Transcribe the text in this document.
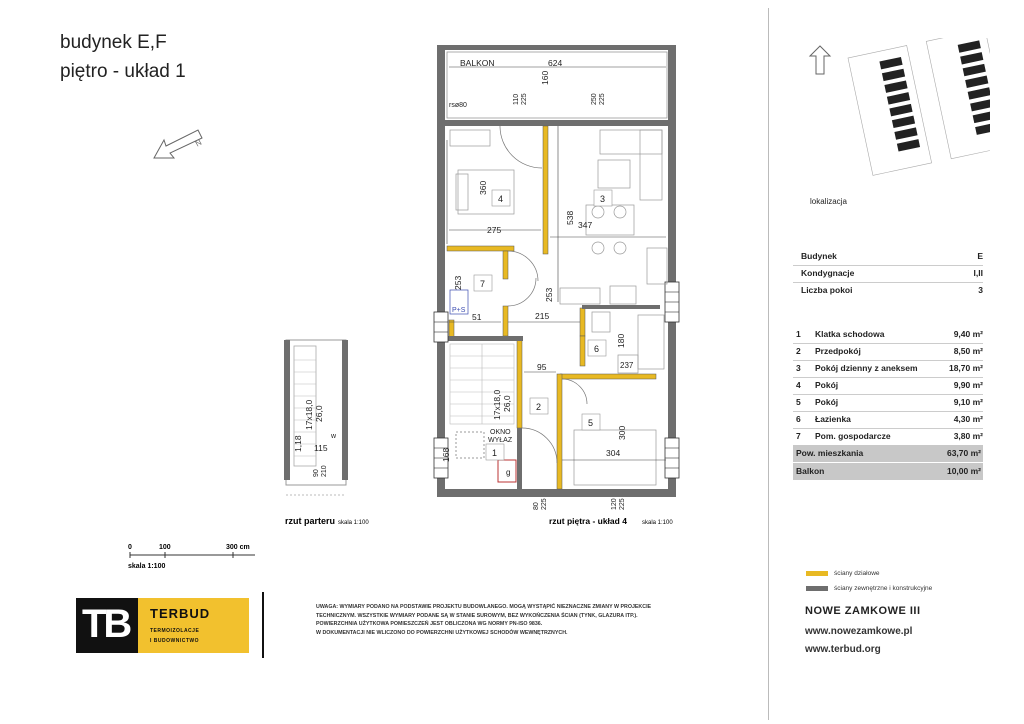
budynek E,F
piętro - układ 1
N
BALKON	624
rsø80
347
275
215
51
95
304
237
160
110 225	250 225
360
538
253
253
180
300
168
80 225	120 225
17x18,0 26,0
17x18,0 26,0
1,18
90 210
115
w
3
4
7
6
2
5
1
P+S
g
OKNO
WYŁAZ
rzut parteru skala 1:100	rzut piętra - układ 4	skala 1:100
0	100	300 cm
skala 1:100
lokalizacja
Budynek	E
Kondygnacje	I,II
Liczba pokoi	3
1 Klatka schodowa	9,40 m²
2 Przedpokój	8,50 m²
3 Pokój dzienny z aneksem	18,70 m²
4 Pokój	9,90 m²
5 Pokój	9,10 m²
6 Łazienka	4,30 m²
7 Pom. gospodarcze	3,80 m²
Pow. mieszkania	63,70 m²
Balkon	10,00 m²
ściany działowe
ściany zewnętrzne i konstrukcyjne
NOWE ZAMKOWE III
www.nowezamkowe.pl
www.terbud.org
TB TERBUD
TERMOIZOLACJE
I BUDOWNICTWO
UWAGA: WYMIARY PODANO NA PODSTAWIE PROJEKTU BUDOWLANEGO. MOGĄ WYSTĄPIĆ NIEZNACZNE ZMIANY W PROJEKCIE
TECHNICZNYM. WSZYSTKIE WYMIARY PODANE SĄ W STANIE SUROWYM, BEZ WYKOŃCZENIA ŚCIAN (TYNK, GLAZURA ITP.).
POWIERZCHNIA UŻYTKOWA POMIESZCZEŃ JEST OBLICZONA WG NORMY PN-ISO 9836.
W DOKUMENTACJI NIE WLICZONO DO POWIERZCHNI UŻYTKOWEJ SCHODÓW WEWNĘTRZNYCH.
